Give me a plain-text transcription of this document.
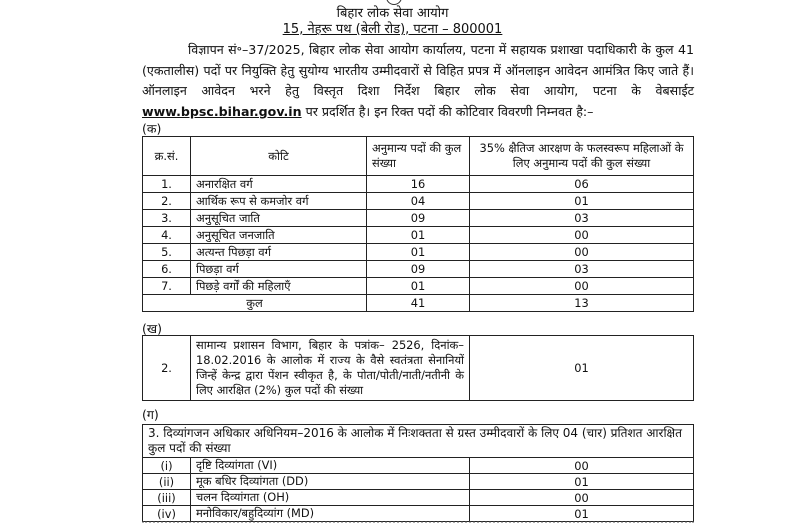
बिहार लोक सेवा आयोग
15, नेहरू पथ (बेली रोड), पटना – 800001
विज्ञापन सं॰–37/2025, बिहार लोक सेवा आयोग कार्यालय, पटना में सहायक प्रशाखा पदाधिकारी के कुल 41 (एकतालीस) पदों पर नियुक्ति हेतु सुयोग्य भारतीय उम्मीदवारों से विहित प्रपत्र में ऑनलाइन आवेदन आमंत्रित किए जाते हैं। ऑनलाइन आवेदन भरने हेतु विस्तृत दिशा निर्देश बिहार लोक सेवा आयोग, पटना के वेबसाईट www.bpsc.bihar.gov.in पर प्रदर्शित है। इन रिक्त पदों की कोटिवार विवरणी निम्नवत है:–
(क)
क्र.सं.	कोटि	अनुमान्य पदों की कुल संख्या	35% क्षैतिज आरक्षण के फलस्वरूप महिलाओं के लिए अनुमान्य पदों की कुल संख्या
1.	अनारक्षित वर्ग	16	06
2.	आर्थिक रूप से कमजोर वर्ग	04	01
3.	अनुसूचित जाति	09	03
4.	अनुसूचित जनजाति	01	00
5.	अत्यन्त पिछड़ा वर्ग	01	00
6.	पिछड़ा वर्ग	09	03
7.	पिछड़े वर्गों की महिलाएँ	01	00
कुल		41	13
(ख)
2.	सामान्य प्रशासन विभाग, बिहार के पत्रांक– 2526, दिनांक–18.02.2016 के आलोक में राज्य के वैसे स्वतंत्रता सेनानियों जिन्हें केन्द्र द्वारा पेंशन स्वीकृत है, के पोता/पोती/नाती/नतीनी के लिए आरक्षित (2%) कुल पदों की संख्या	01
(ग)
3. दिव्यांगजन अधिकार अधिनियम–2016 के आलोक में निःशक्तता से ग्रस्त उम्मीदवारों के लिए 04 (चार) प्रतिशत आरक्षित कुल पदों की संख्या		
(i)	दृष्टि दिव्यांगता (VI)	00
(ii)	मूक बधिर दिव्यांगता (DD)	01
(iii)	चलन दिव्यांगता (OH)	00
(iv)	मनोविकार/बहुदिव्यांग (MD)	01
